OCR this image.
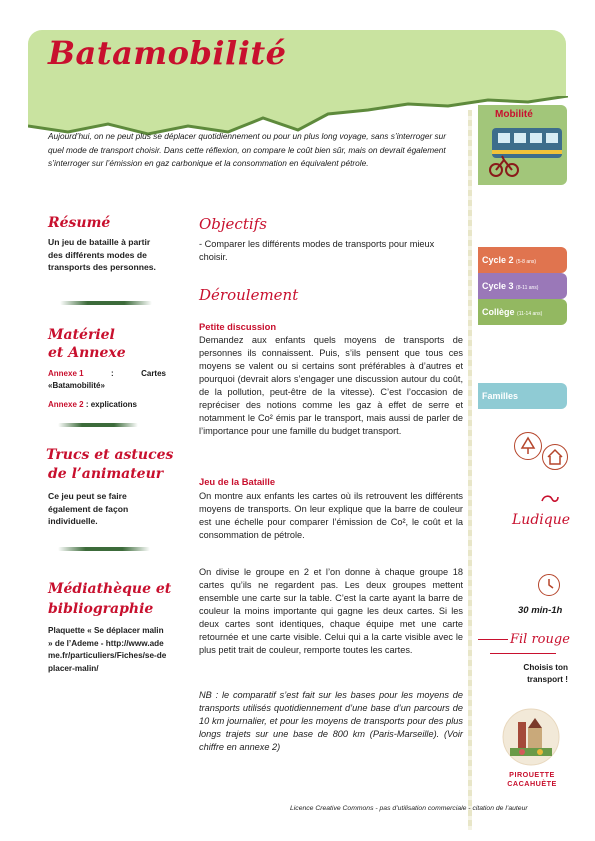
Batamobilité
Aujourd’hui, on ne peut plus se déplacer quotidiennement ou pour un plus long voyage, sans s’interroger sur quel mode de transport choisir. Dans cette réflexion, on compare le coût bien sûr, mais on devrait également s’interroger sur l’émission en gaz carbonique et la consommation en équivalent pétrole.
Résumé
Un jeu de bataille à partir des différents modes de transports des personnes.
Matériel
et Annexe
Annexe 1	:	Cartes
«Batamobilité»
Annexe 2 : explications
Trucs et astuces
de l’animateur
Ce jeu peut se faire également de façon individuelle.
Médiathèque et
bibliographie
Plaquette « Se déplacer malin » de l’Ademe - http://www.ademe.fr/particuliers/Fiches/se-deplacer-malin/
Objectifs
- Comparer les différents modes de transports pour mieux choisir.
Déroulement
Petite discussion
Demandez aux enfants quels moyens de transports de personnes ils connaissent. Puis, s’ils pensent que tous ces moyens se valent ou si certains sont préférables à d’autres et pourquoi (devrait alors s’engager une discussion autour du coût, de la pollution, peut-être de la vitesse). C’est l’occasion de repréciser des notions comme les gaz à effet de serre et notamment le Co² émis par le transport, mais aussi de parler de l’importance pour une famille du budget transport.
Jeu de la Bataille
On montre aux enfants les cartes où ils retrouvent les différents moyens de transports. On leur explique que la barre de couleur est une échelle pour comparer l’émission de Co², le coût et la consommation de pétrole.
On divise le groupe en 2 et l’on donne à chaque groupe 18 cartes qu’ils ne regardent pas. Les deux groupes mettent ensemble une carte sur la table. C’est la carte ayant la barre de couleur la moins importante qui gagne les deux cartes. Si les deux cartes sont identiques, chaque équipe met une carte retournée et une carte visible. Celui qui a la carte visible avec le plus petit trait de couleur, remporte toutes les cartes.
NB : le comparatif s’est fait sur les bases pour les moyens de transports utilisés quotidiennement d’une base d’un parcours de 10 km journalier, et pour les moyens de transports pour des plus longs trajets sur une base de 800 km (Paris-Marseille). (Voir chiffre en annexe 2)
Mobilité
Cycle 2 (5-8 ans)
Cycle 3 (8-11 ans)
Collège (11-14 ans)
Familles
Ludique
30 min-1h
Fil rouge
Choisis ton transport !
PIROUETTE CACAHUÈTE
Licence Creative Commons - pas d’utilisation commerciale - citation de l’auteur
